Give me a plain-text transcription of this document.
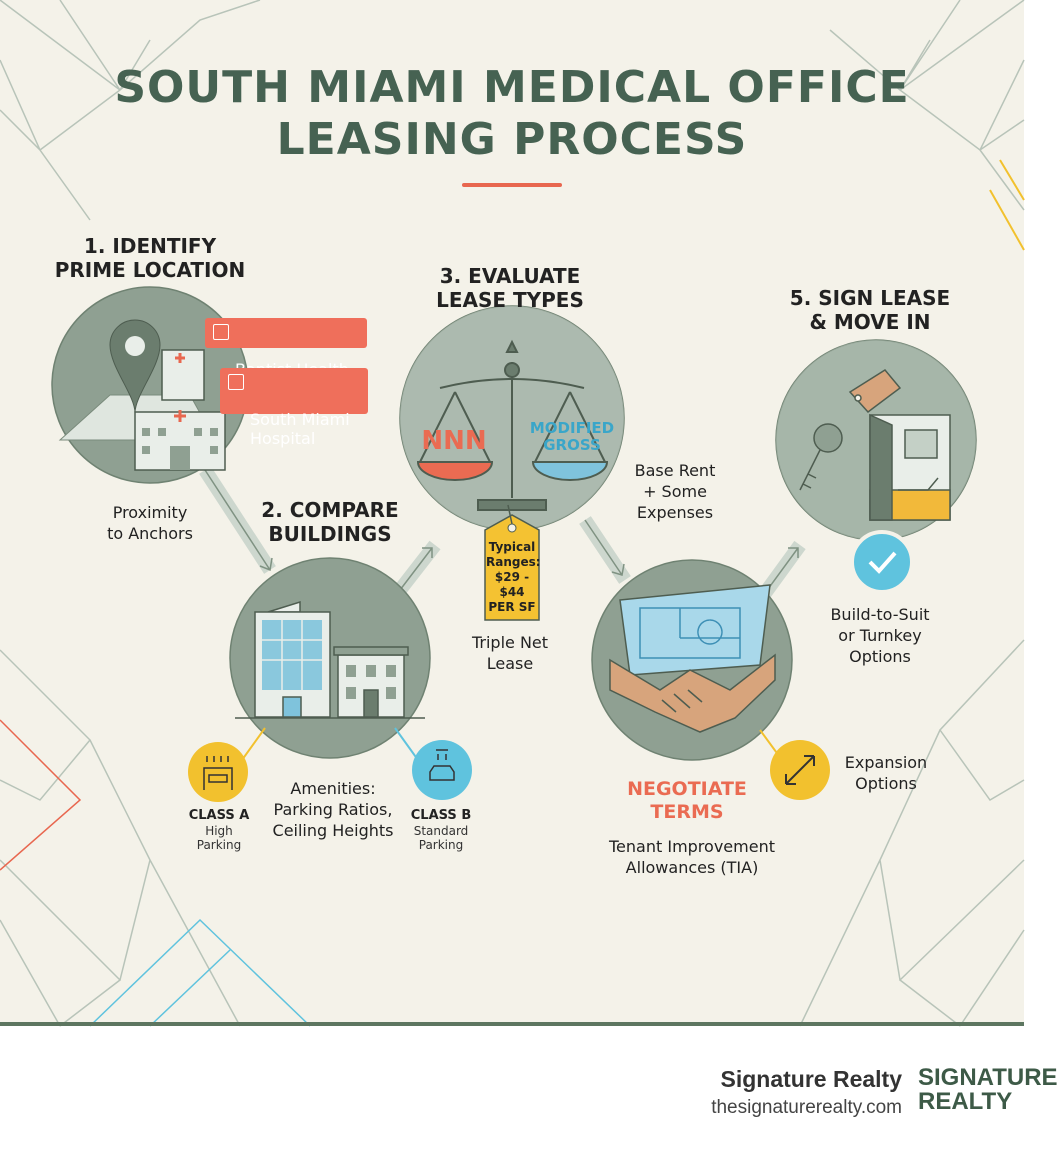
SOUTH MIAMI MEDICAL OFFICE
LEASING PROCESS
1. IDENTIFY
PRIME LOCATION

South Miami
Hospital

Proximity
to Anchors
2. COMPARE
BUILDINGS
Amenities:
Parking Ratios,
Ceiling Heights
CLASS A
High
Parking
CLASS B
Standard
Parking
3. EVALUATE
LEASE TYPES
NNN	MODIFIED
GROSS
Typical
Ranges:
$29 - $44
PER SF
Triple Net
Lease
Base Rent
+ Some
Expenses
NEGOTIATE
TERMS
Tenant Improvement
Allowances (TIA)
Expansion
Options
5. SIGN LEASE
& MOVE IN
Build-to-Suit
or Turnkey
Options
Signature Realty
thesignaturerealty.com
SIGNATURE
REALTY
